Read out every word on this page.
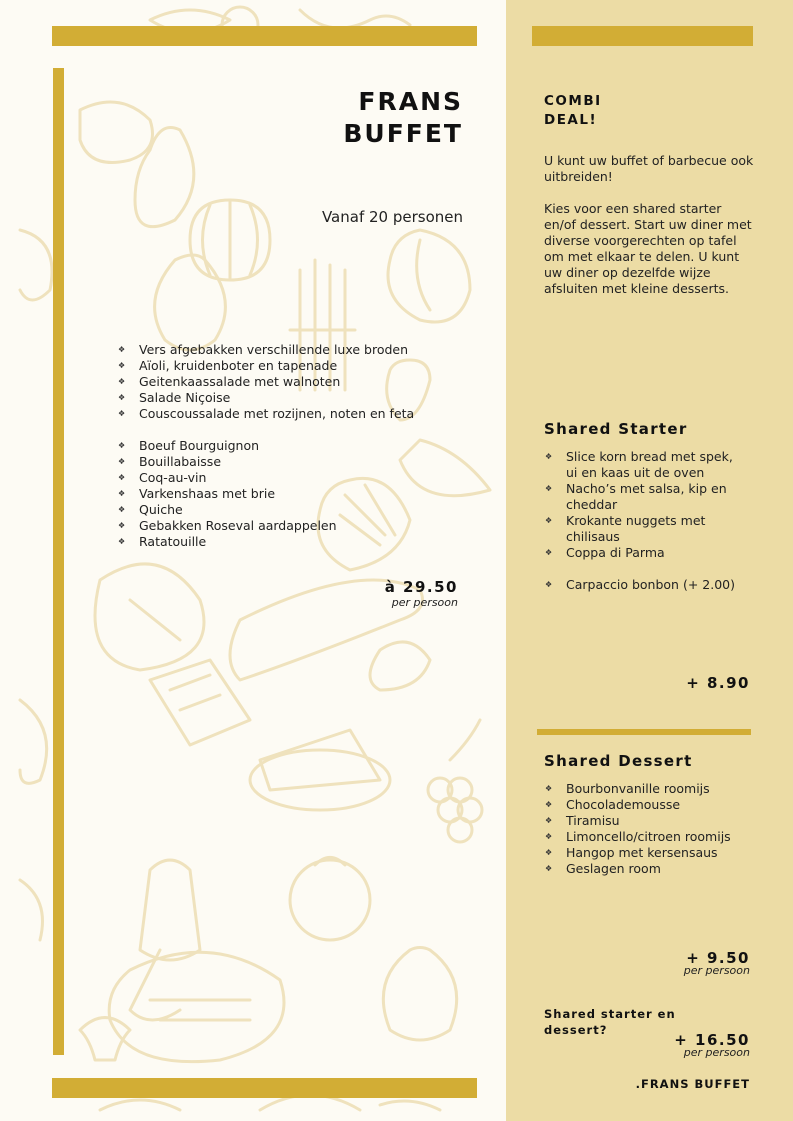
FRANS
BUFFET
Vanaf 20 personen
❖ Vers afgebakken verschillende luxe broden
❖ Aïoli, kruidenboter en tapenade
❖ Geitenkaassalade met walnoten
❖ Salade Niçoise
❖ Couscoussalade met rozijnen, noten en feta
❖ Boeuf Bourguignon
❖ Bouillabaisse
❖ Coq-au-vin
❖ Varkenshaas met brie
❖ Quiche
❖ Gebakken Roseval aardappelen
❖ Ratatouille
à 29.50
per persoon
COMBI
DEAL!

U kunt uw buffet of barbecue ook uitbreiden!

Kies voor een shared starter en/of dessert. Start uw diner met diverse voorgerechten op tafel om met elkaar te delen. U kunt uw diner op dezelfde wijze afsluiten met kleine desserts.

Shared Starter
❖ Slice korn bread met spek, ui en kaas uit de oven
❖ Nacho’s met salsa, kip en cheddar
❖ Krokante nuggets met chilisaus
❖ Coppa di Parma
❖ Carpaccio bonbon (+ 2.00)
+ 8.90
Shared Dessert
❖ Bourbonvanille roomijs
❖ Chocolademousse
❖ Tiramisu
❖ Limoncello/citroen roomijs
❖ Hangop met kersensaus
❖ Geslagen room
+ 9.50
per persoon
Shared starter en dessert?
+ 16.50
per persoon
.FRANS BUFFET
